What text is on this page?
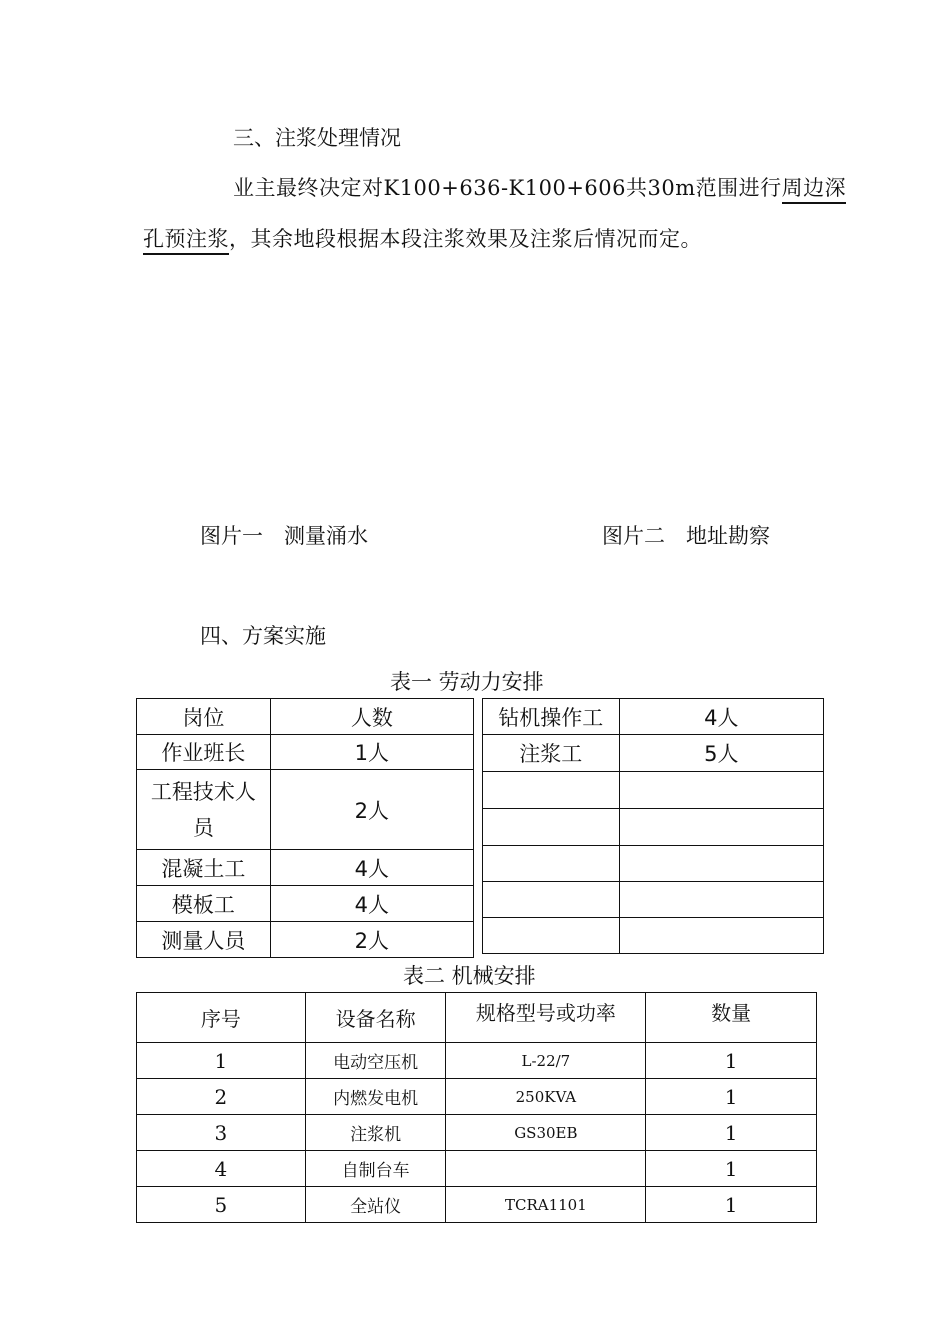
三、注浆处理情况
业主最终决定对K100+636-K100+606共30m范围进行周边深
孔预注浆，其余地段根据本段注浆效果及注浆后情况而定。
图片一　测量涌水	图片二　地址勘察
四、方案实施
表一 劳动力安排
岗位	人数
作业班长	1人
工程技术人员	2人
混凝土工	4人
模板工	4人
测量人员	2人
钻机操作工	4人
注浆工	5人

表二 机械安排
序号	设备名称	规格型号或功率	数量
1	电动空压机	L-22/7	1
2	内燃发电机	250KVA	1
3	注浆机	GS30EB	1
4	自制台车		1
5	全站仪	TCRA1101	1
